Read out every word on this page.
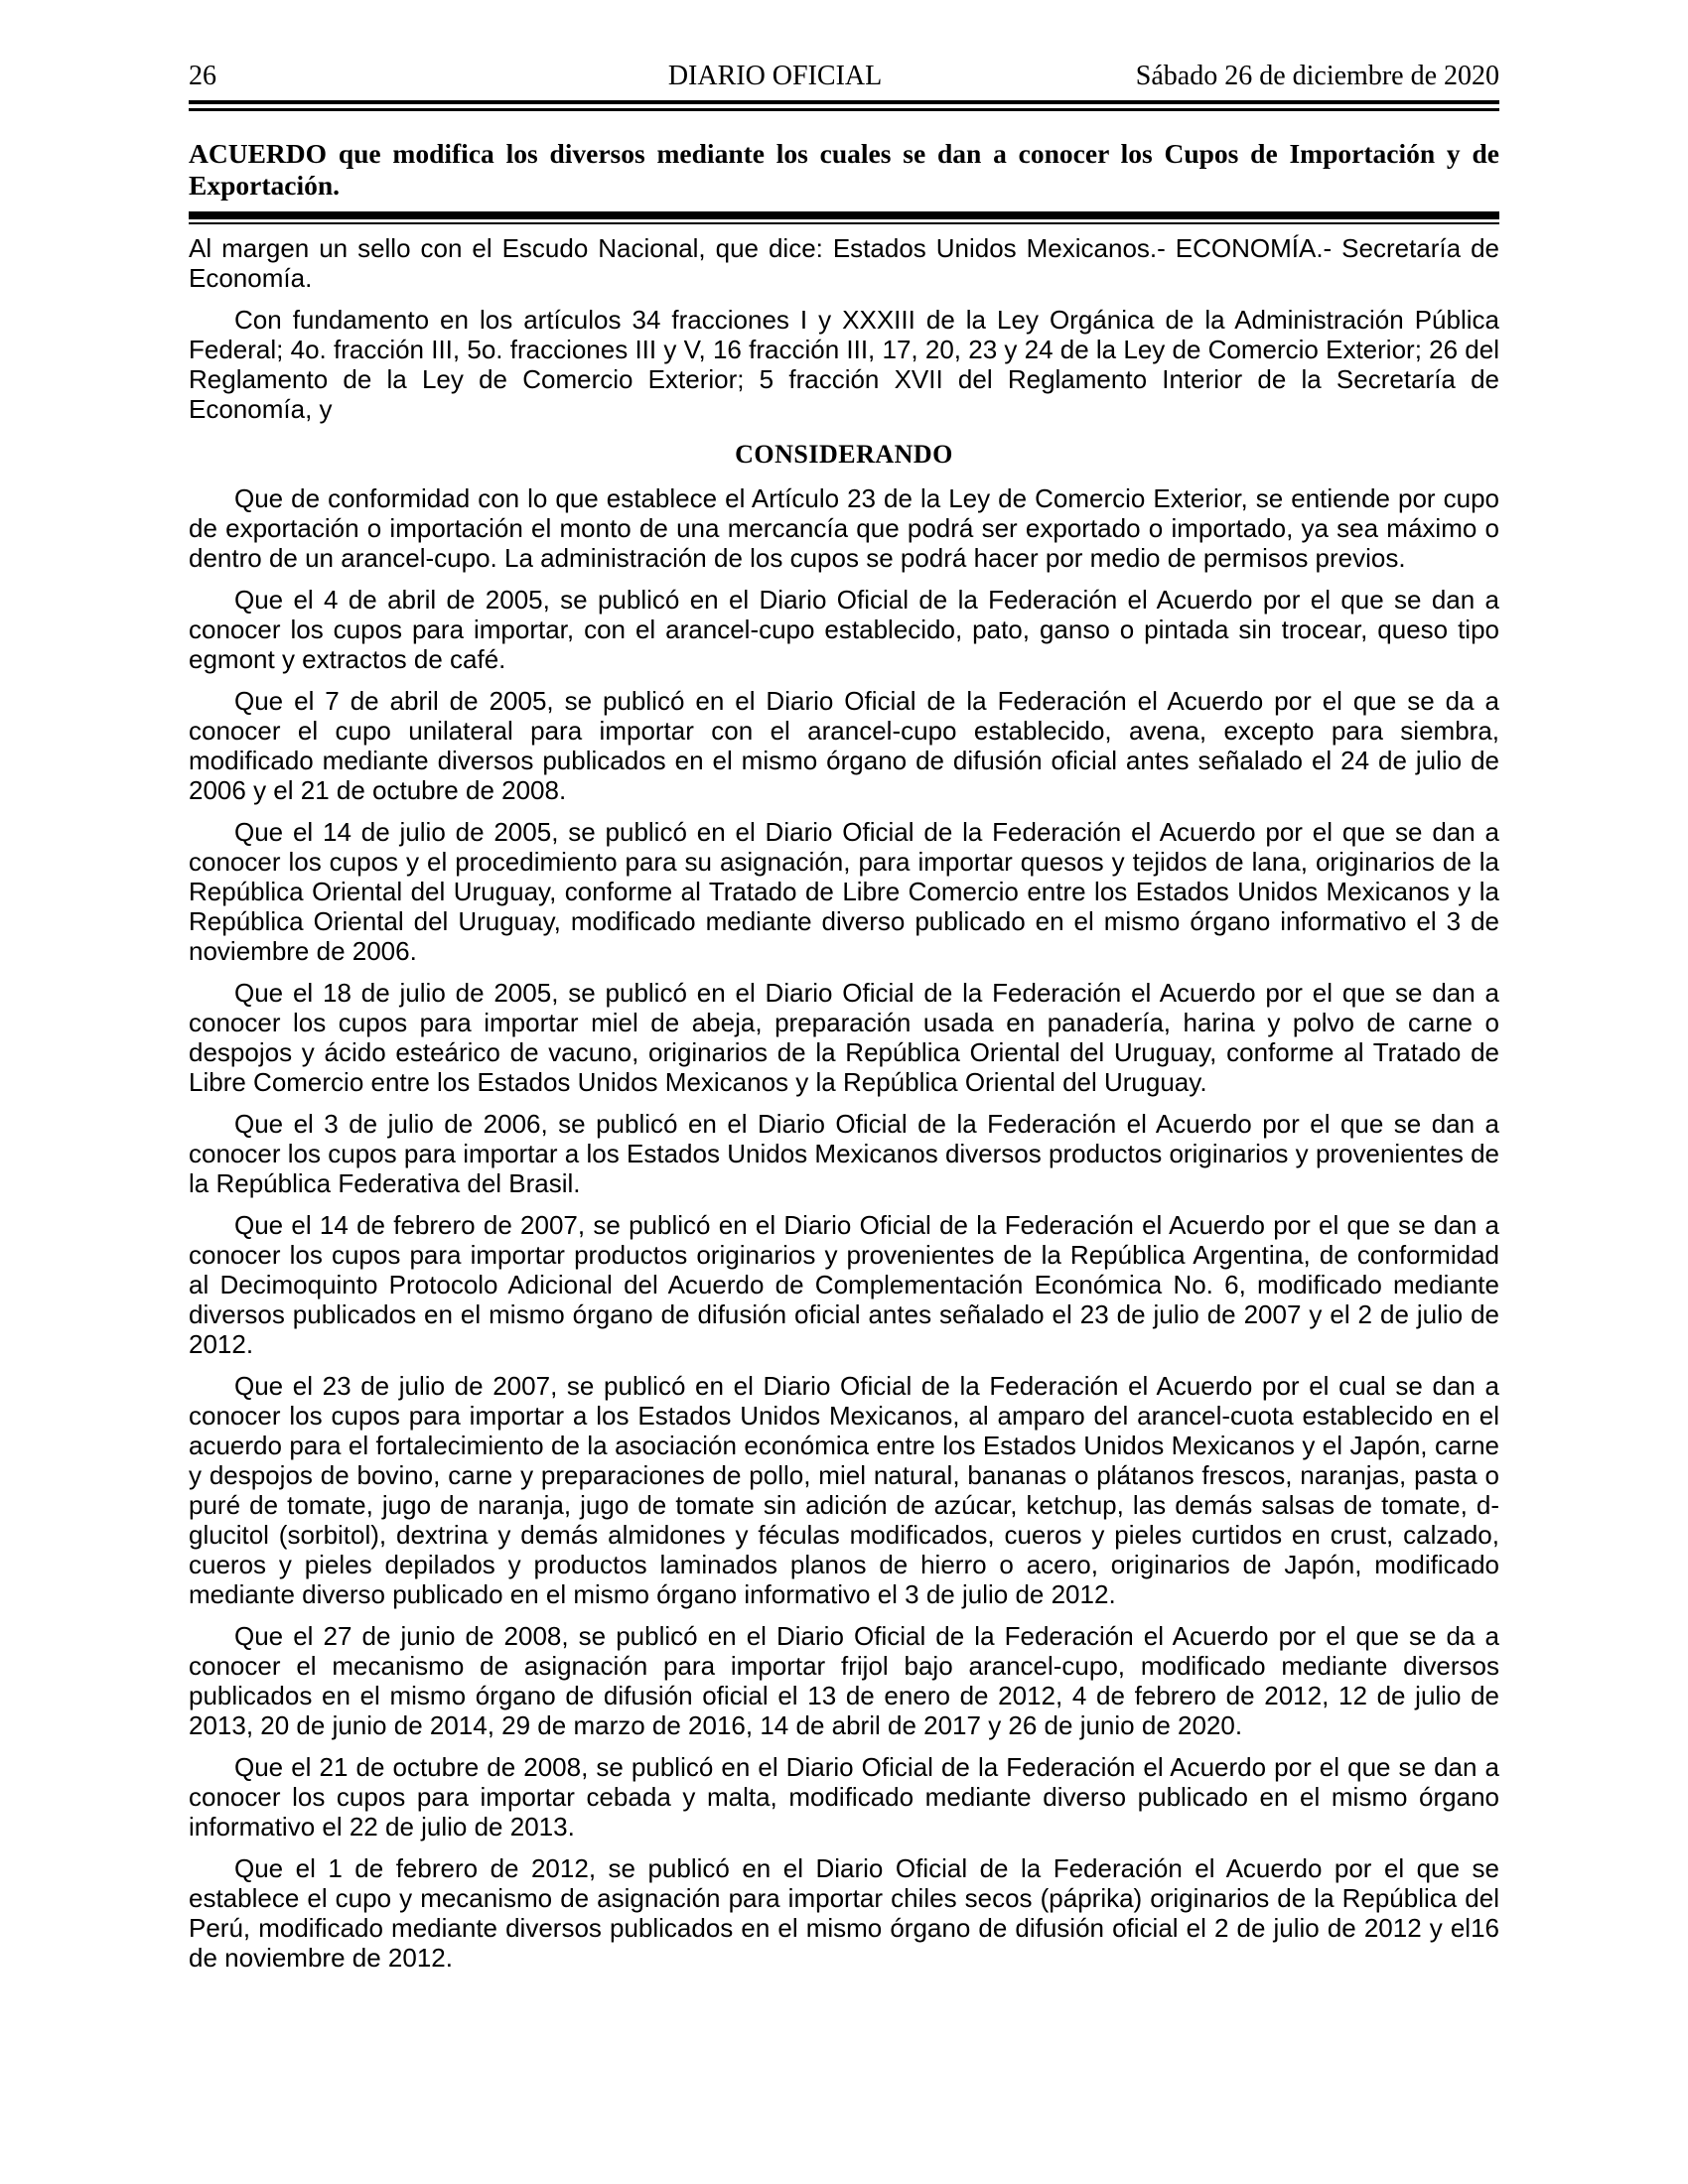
26	DIARIO OFICIAL	Sábado 26 de diciembre de 2020

ACUERDO que modifica los diversos mediante los cuales se dan a conocer los Cupos de Importación y de Exportación.

Al margen un sello con el Escudo Nacional, que dice: Estados Unidos Mexicanos.- ECONOMÍA.- Secretaría de Economía.

Con fundamento en los artículos 34 fracciones I y XXXIII de la Ley Orgánica de la Administración Pública Federal; 4o. fracción III, 5o. fracciones III y V, 16 fracción III, 17, 20, 23 y 24 de la Ley de Comercio Exterior; 26 del Reglamento de la Ley de Comercio Exterior; 5 fracción XVII del Reglamento Interior de la Secretaría de Economía, y

CONSIDERANDO

Que de conformidad con lo que establece el Artículo 23 de la Ley de Comercio Exterior, se entiende por cupo de exportación o importación el monto de una mercancía que podrá ser exportado o importado, ya sea máximo o dentro de un arancel-cupo. La administración de los cupos se podrá hacer por medio de permisos previos.

Que el 4 de abril de 2005, se publicó en el Diario Oficial de la Federación el Acuerdo por el que se dan a conocer los cupos para importar, con el arancel-cupo establecido, pato, ganso o pintada sin trocear, queso tipo egmont y extractos de café.

Que el 7 de abril de 2005, se publicó en el Diario Oficial de la Federación el Acuerdo por el que se da a conocer el cupo unilateral para importar con el arancel-cupo establecido, avena, excepto para siembra, modificado mediante diversos publicados en el mismo órgano de difusión oficial antes señalado el 24 de julio de 2006 y el 21 de octubre de 2008.

Que el 14 de julio de 2005, se publicó en el Diario Oficial de la Federación el Acuerdo por el que se dan a conocer los cupos y el procedimiento para su asignación, para importar quesos y tejidos de lana, originarios de la República Oriental del Uruguay, conforme al Tratado de Libre Comercio entre los Estados Unidos Mexicanos y la República Oriental del Uruguay, modificado mediante diverso publicado en el mismo órgano informativo el 3 de noviembre de 2006.

Que el 18 de julio de 2005, se publicó en el Diario Oficial de la Federación el Acuerdo por el que se dan a conocer los cupos para importar miel de abeja, preparación usada en panadería, harina y polvo de carne o despojos y ácido esteárico de vacuno, originarios de la República Oriental del Uruguay, conforme al Tratado de Libre Comercio entre los Estados Unidos Mexicanos y la República Oriental del Uruguay.

Que el 3 de julio de 2006, se publicó en el Diario Oficial de la Federación el Acuerdo por el que se dan a conocer los cupos para importar a los Estados Unidos Mexicanos diversos productos originarios y provenientes de la República Federativa del Brasil.

Que el 14 de febrero de 2007, se publicó en el Diario Oficial de la Federación el Acuerdo por el que se dan a conocer los cupos para importar productos originarios y provenientes de la República Argentina, de conformidad al Decimoquinto Protocolo Adicional del Acuerdo de Complementación Económica No. 6, modificado mediante diversos publicados en el mismo órgano de difusión oficial antes señalado el 23 de julio de 2007 y el 2 de julio de 2012.

Que el 23 de julio de 2007, se publicó en el Diario Oficial de la Federación el Acuerdo por el cual se dan a conocer los cupos para importar a los Estados Unidos Mexicanos, al amparo del arancel-cuota establecido en el acuerdo para el fortalecimiento de la asociación económica entre los Estados Unidos Mexicanos y el Japón, carne y despojos de bovino, carne y preparaciones de pollo, miel natural, bananas o plátanos frescos, naranjas, pasta o puré de tomate, jugo de naranja, jugo de tomate sin adición de azúcar, ketchup, las demás salsas de tomate, d-glucitol (sorbitol), dextrina y demás almidones y féculas modificados, cueros y pieles curtidos en crust, calzado, cueros y pieles depilados y productos laminados planos de hierro o acero, originarios de Japón, modificado mediante diverso publicado en el mismo órgano informativo el 3 de julio de 2012.

Que el 27 de junio de 2008, se publicó en el Diario Oficial de la Federación el Acuerdo por el que se da a conocer el mecanismo de asignación para importar frijol bajo arancel-cupo, modificado mediante diversos publicados en el mismo órgano de difusión oficial el 13 de enero de 2012, 4 de febrero de 2012, 12 de julio de 2013, 20 de junio de 2014, 29 de marzo de 2016, 14 de abril de 2017 y 26 de junio de 2020.

Que el 21 de octubre de 2008, se publicó en el Diario Oficial de la Federación el Acuerdo por el que se dan a conocer los cupos para importar cebada y malta, modificado mediante diverso publicado en el mismo órgano informativo el 22 de julio de 2013.

Que el 1 de febrero de 2012, se publicó en el Diario Oficial de la Federación el Acuerdo por el que se establece el cupo y mecanismo de asignación para importar chiles secos (páprika) originarios de la República del Perú, modificado mediante diversos publicados en el mismo órgano de difusión oficial el 2 de julio de 2012 y el16 de noviembre de 2012.
